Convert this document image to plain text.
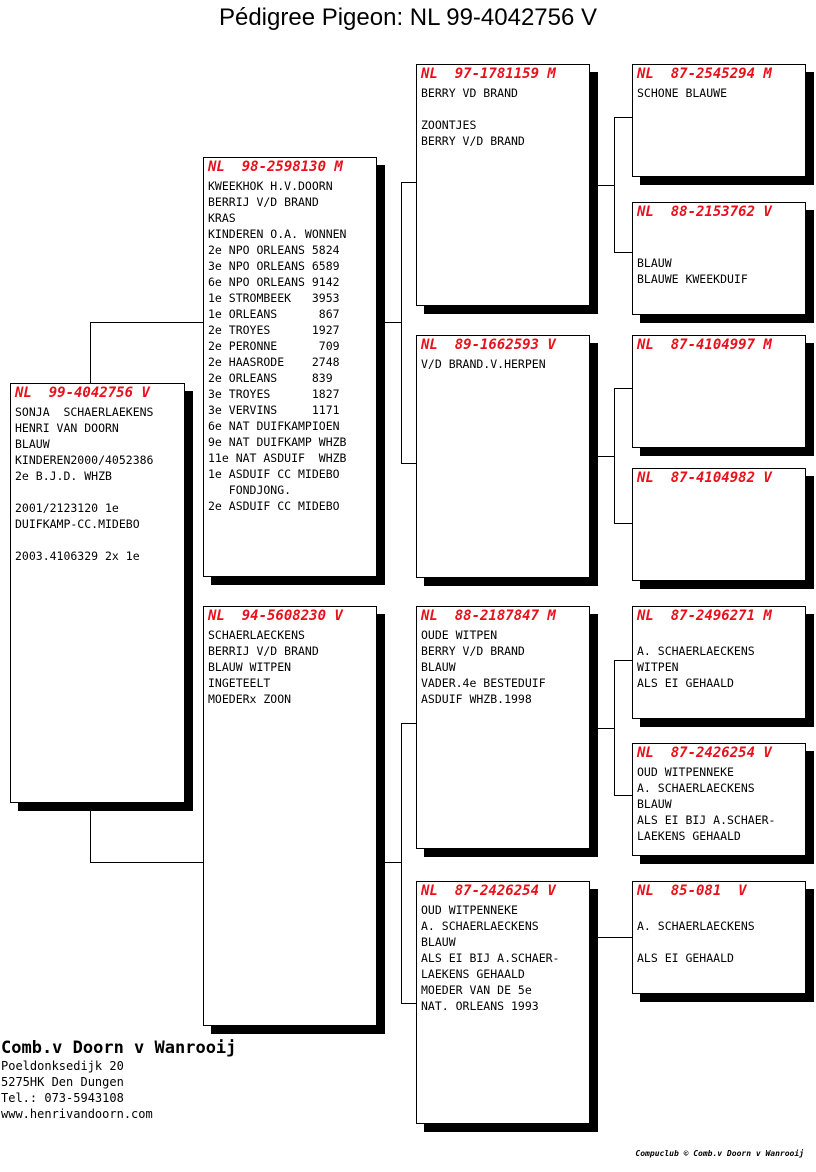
Pédigree Pigeon: NL 99-4042756 V
NL  99-4042756 V
SONJA  SCHAERLAEKENS
HENRI VAN DOORN
BLAUW
KINDEREN2000/4052386
2e B.J.D. WHZB
2001/2123120 1e
DUIFKAMP-CC.MIDEBO
2003.4106329 2x 1e
NL  98-2598130 M
KWEEKHOK H.V.DOORN
BERRIJ V/D BRAND
KRAS
KINDEREN O.A. WONNEN
2e NPO ORLEANS 5824
3e NPO ORLEANS 6589
6e NPO ORLEANS 9142
1e STROMBEEK   3953
1e ORLEANS      867
2e TROYES      1927
2e PERONNE      709
2e HAASRODE    2748
2e ORLEANS     839
3e TROYES      1827
3e VERVINS     1171
6e NAT DUIFKAMPIOEN
9e NAT DUIFKAMP WHZB
11e NAT ASDUIF  WHZB
1e ASDUIF CC MIDEBO
FONDJONG.
2e ASDUIF CC MIDEBO
NL  94-5608230 V
SCHAERLAECKENS
BERRIJ V/D BRAND
BLAUW WITPEN
INGETEELT
MOEDERx ZOON
NL  97-1781159 M
BERRY VD BRAND
ZOONTJES
BERRY V/D BRAND
NL  89-1662593 V
V/D BRAND.V.HERPEN
NL  88-2187847 M
OUDE WITPEN
BERRY V/D BRAND
BLAUW
VADER.4e BESTEDUIF
ASDUIF WHZB.1998
NL  87-2426254 V
OUD WITPENNEKE
A. SCHAERLAECKENS
BLAUW
ALS EI BIJ A.SCHAER-
LAEKENS GEHAALD
MOEDER VAN DE 5e
NAT. ORLEANS 1993
NL  87-2545294 M
SCHONE BLAUWE
NL  88-2153762 V
BLAUW
BLAUWE KWEEKDUIF
NL  87-4104997 M
NL  87-4104982 V
NL  87-2496271 M
A. SCHAERLAECKENS
WITPEN
ALS EI GEHAALD
NL  87-2426254 V
OUD WITPENNEKE
A. SCHAERLAECKENS
BLAUW
ALS EI BIJ A.SCHAER-
LAEKENS GEHAALD
NL  85-081  V
A. SCHAERLAECKENS
ALS EI GEHAALD
Comb.v Doorn v Wanrooij
Poeldonksedijk 20
5275HK Den Dungen
Tel.: 073-5943108
www.henrivandoorn.com
Compuclub © Comb.v Doorn v Wanrooij
